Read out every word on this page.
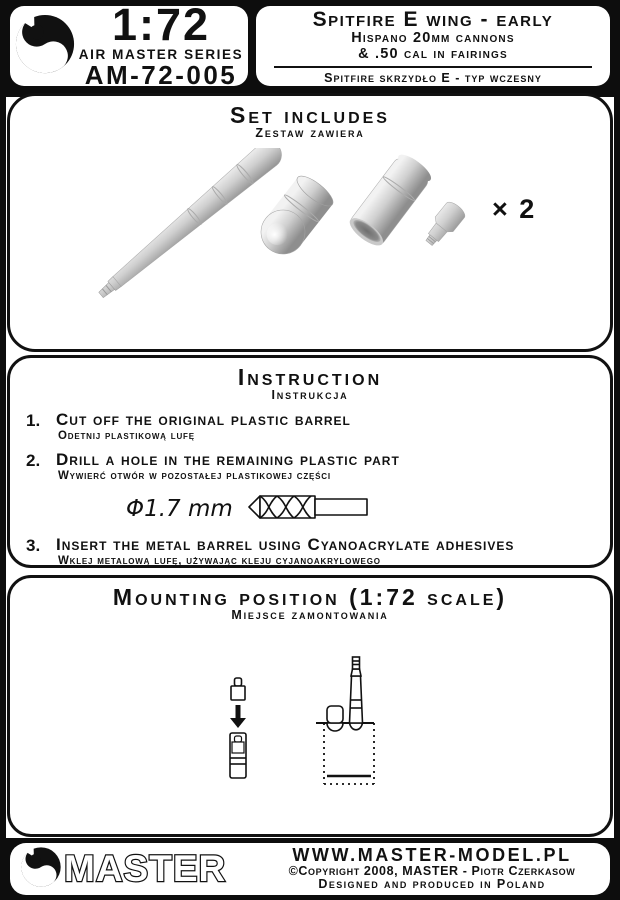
1:72
AIR MASTER SERIES
AM-72-005
Spitfire E wing - early
Hispano 20mm cannons
& .50 cal in fairings
Spitfire skrzydło E - typ wczesny
Set includes
Zestaw zawiera
× 2
Instruction
Instrukcja
1. Cut off the original plastic barrel
Odetnij plastikową lufę
2. Drill a hole in the remaining plastic part
Wywierć otwór w pozostałej plastikowej części
Φ1.7 mm
3. Insert the metal barrel using Cyanoacrylate adhesives
Wklej metalową lufę, używając kleju cyjanoakrylowego
Mounting position (1:72 scale)
Miejsce zamontowania
MASTER	WWW.MASTER-MODEL.PL
©Copyright 2008, MASTER - Piotr Czerkasow
Designed and produced in Poland
